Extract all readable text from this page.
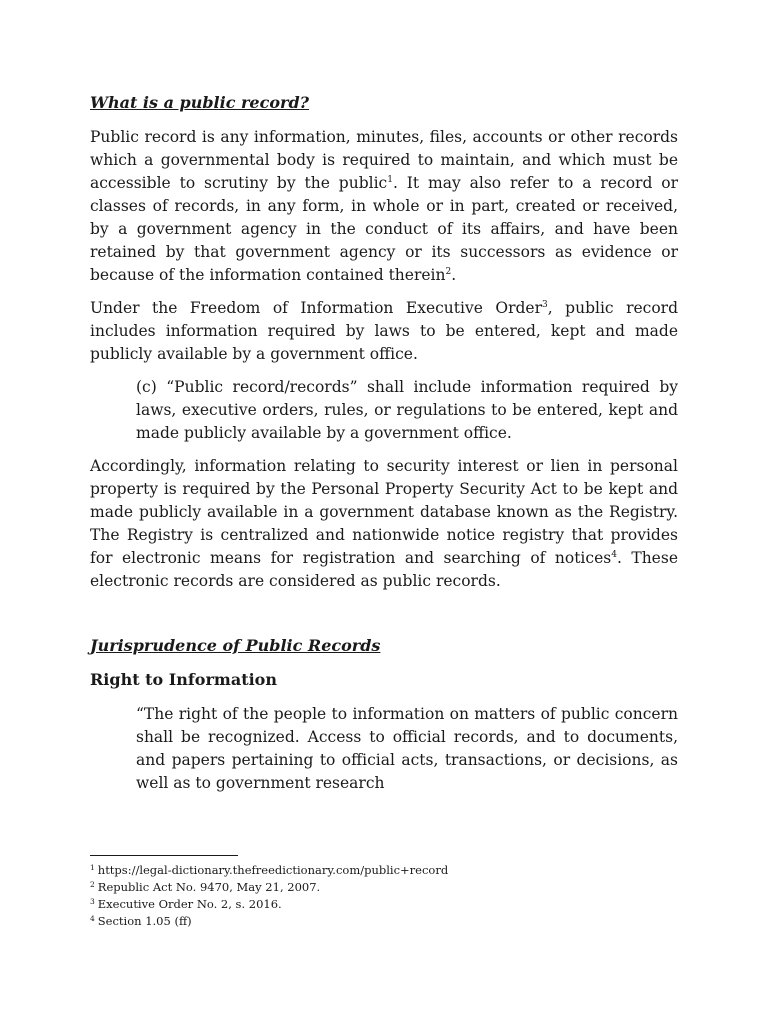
What is a public record?

Public record is any information, minutes, files, accounts or other records which a governmental body is required to maintain, and which must be accessible to scrutiny by the public$^1$. It may also refer to a record or classes of records, in any form, in whole or in part, created or received, by a government agency in the conduct of its affairs, and have been retained by that government agency or its successors as evidence or because of the information contained therein$^2$.

Under the Freedom of Information Executive Order$^3$, public record includes information required by laws to be entered, kept and made publicly available by a government office.

(c) “Public record/records” shall include information required by laws, executive orders, rules, or regulations to be entered, kept and made publicly available by a government office.

Accordingly, information relating to security interest or lien in personal property is required by the Personal Property Security Act to be kept and made publicly available in a government database known as the Registry. The Registry is centralized and nationwide notice registry that provides for electronic means for registration and searching of notices$^4$. These electronic records are considered as public records.

Jurisprudence of Public Records
Right to Information

“The right of the people to information on matters of public concern shall be recognized. Access to official records, and to documents, and papers pertaining to official acts, transactions, or decisions, as well as to government research

$^1$ https://legal-dictionary.thefreedictionary.com/public+record
$^2$ Republic Act No. 9470, May 21, 2007.
$^3$ Executive Order No. 2, s. 2016.
$^4$ Section 1.05 (ff)
